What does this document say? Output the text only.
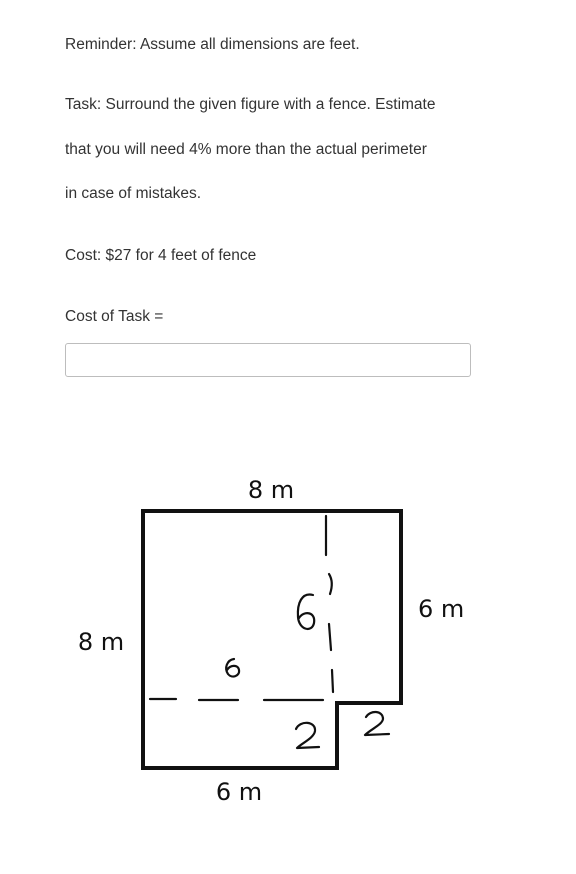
Reminder: Assume all dimensions are feet.
Task: Surround the given figure with a fence. Estimate
that you will need 4% more than the actual perimeter
in case of mistakes.
Cost: $27 for 4 feet of fence
Cost of Task =
8 m
6 m
8 m
6 m
6
6
2
2
